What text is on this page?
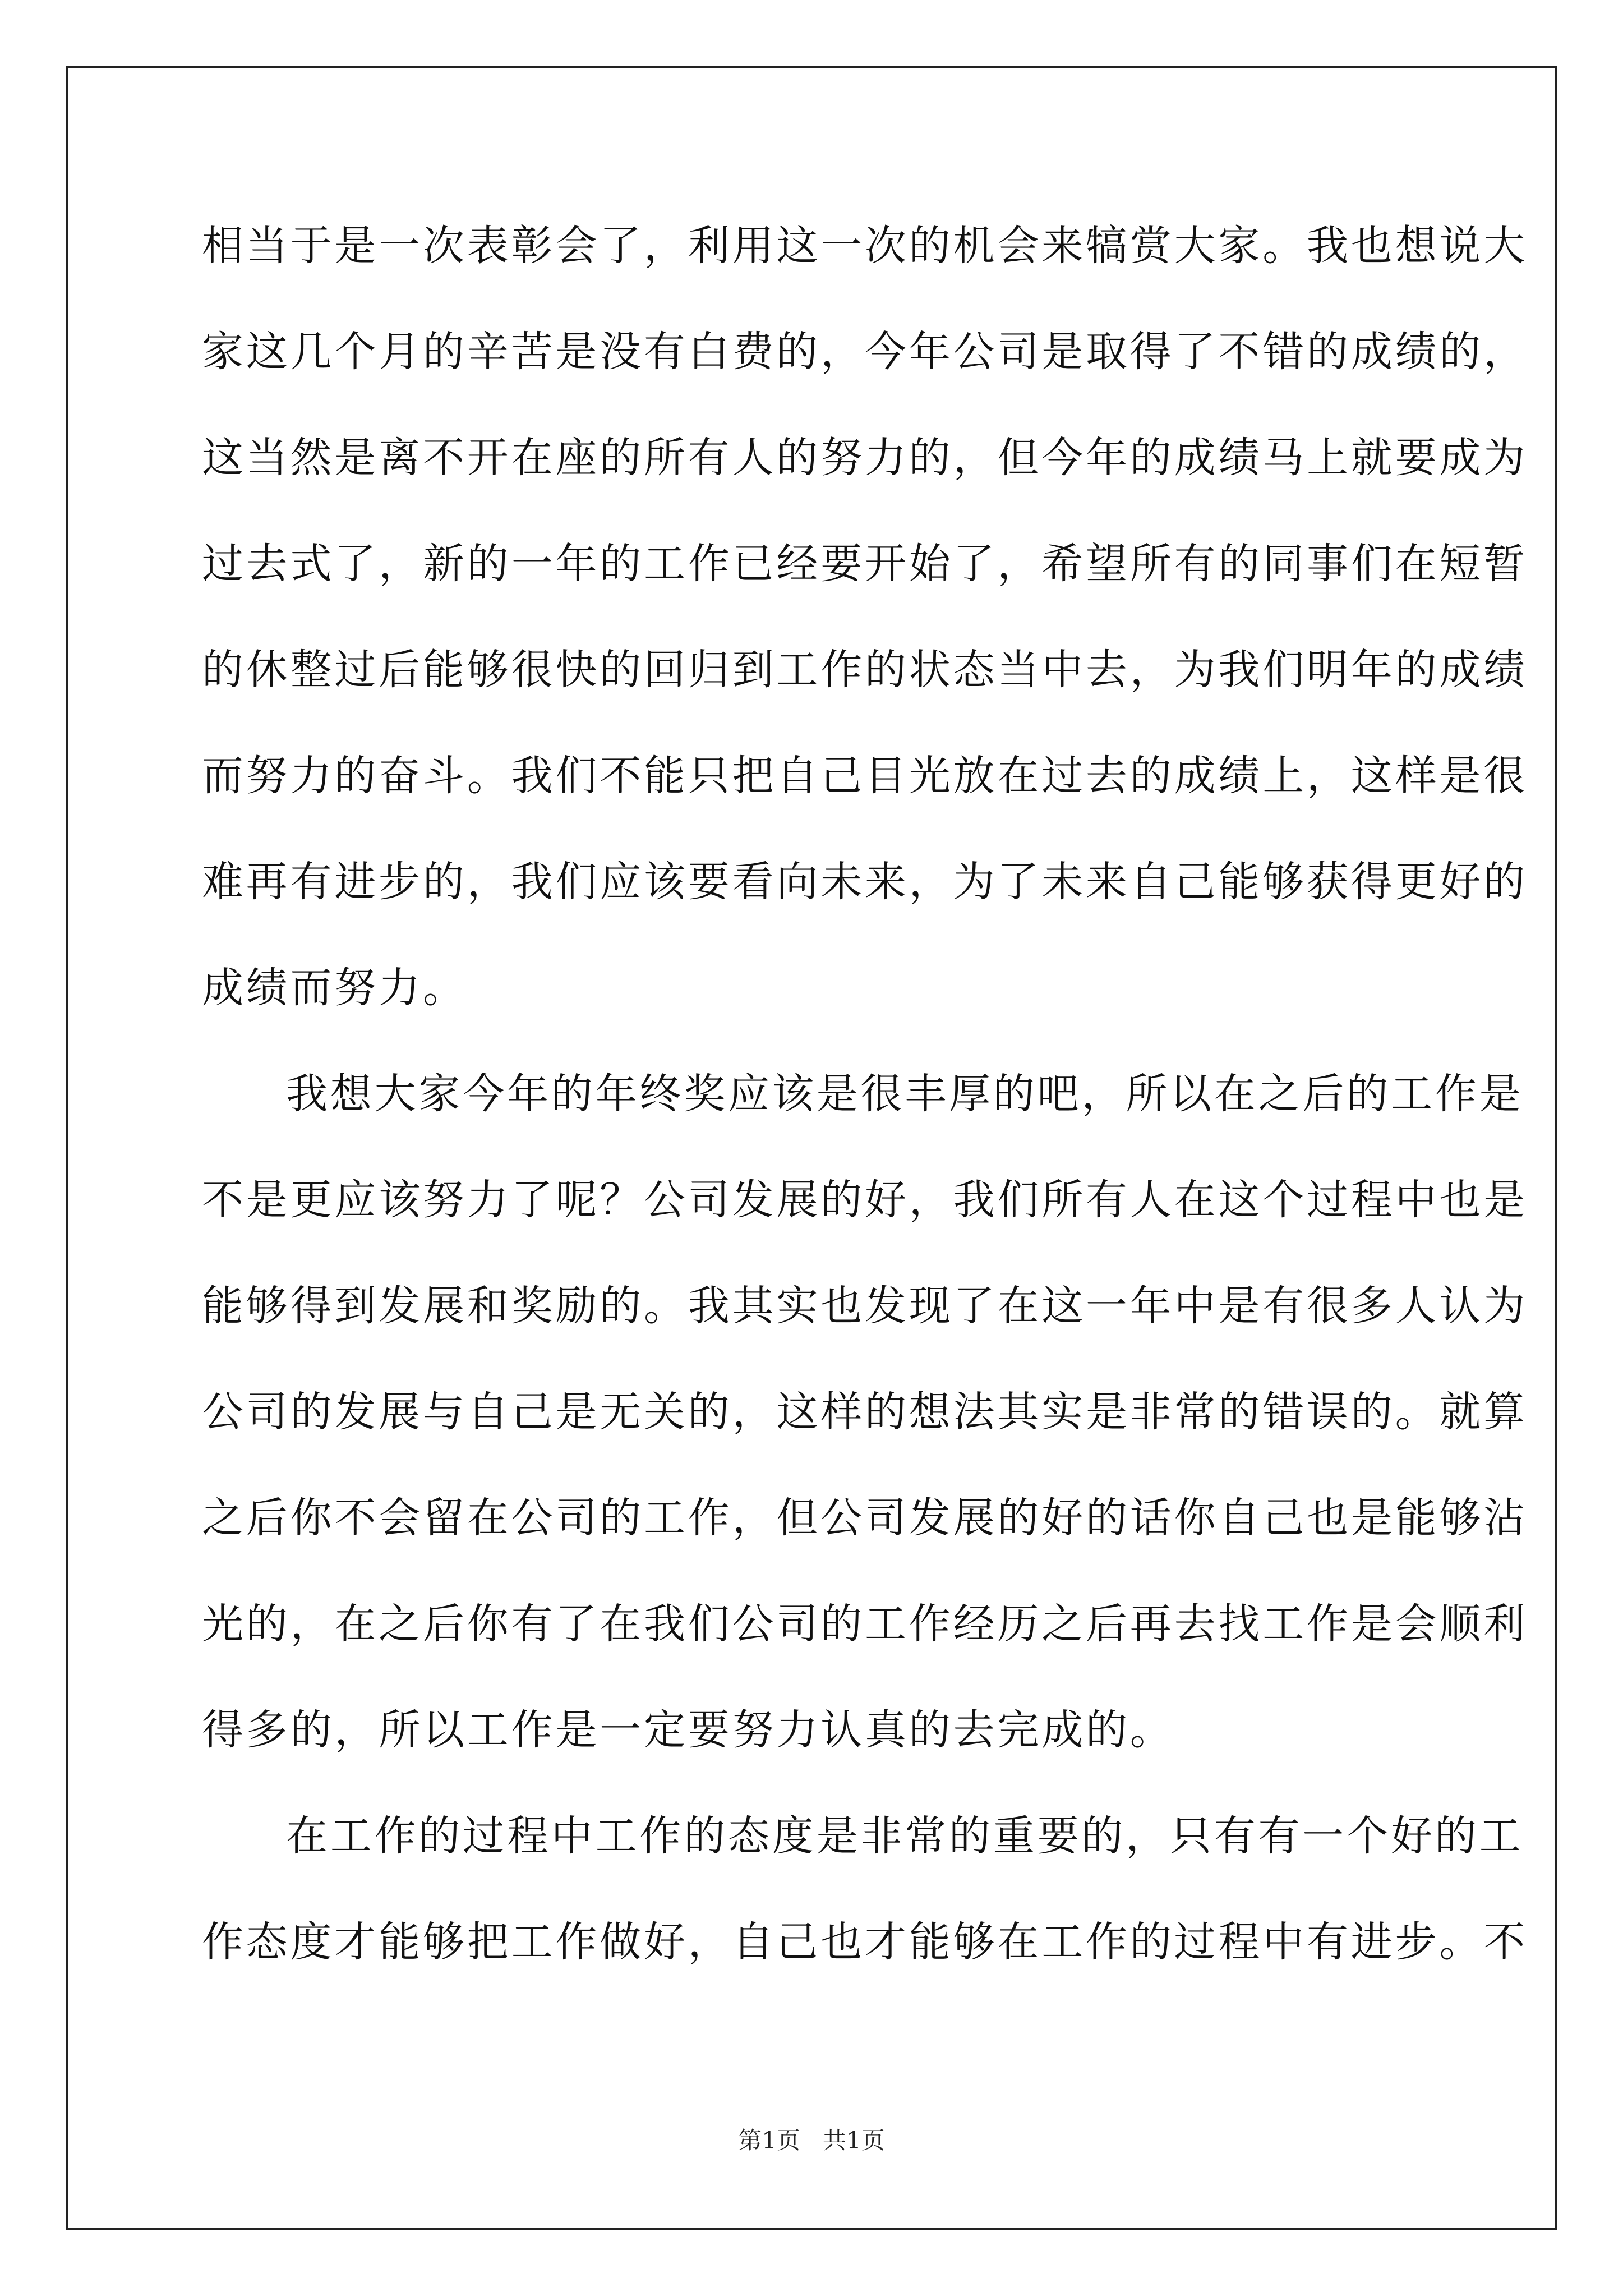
相当于是一次表彰会了，利用这一次的机会来犒赏大家。我也想说大
家这几个月的辛苦是没有白费的，今年公司是取得了不错的成绩的，
这当然是离不开在座的所有人的努力的，但今年的成绩马上就要成为
过去式了，新的一年的工作已经要开始了，希望所有的同事们在短暂
的休整过后能够很快的回归到工作的状态当中去，为我们明年的成绩
而努力的奋斗。我们不能只把自己目光放在过去的成绩上，这样是很
难再有进步的，我们应该要看向未来，为了未来自己能够获得更好的
成绩而努力。
我想大家今年的年终奖应该是很丰厚的吧，所以在之后的工作是
不是更应该努力了呢？公司发展的好，我们所有人在这个过程中也是
能够得到发展和奖励的。我其实也发现了在这一年中是有很多人认为
公司的发展与自己是无关的，这样的想法其实是非常的错误的。就算
之后你不会留在公司的工作，但公司发展的好的话你自己也是能够沾
光的，在之后你有了在我们公司的工作经历之后再去找工作是会顺利
得多的，所以工作是一定要努力认真的去完成的。
在工作的过程中工作的态度是非常的重要的，只有有一个好的工
作态度才能够把工作做好，自己也才能够在工作的过程中有进步。不
第1页 共1页
